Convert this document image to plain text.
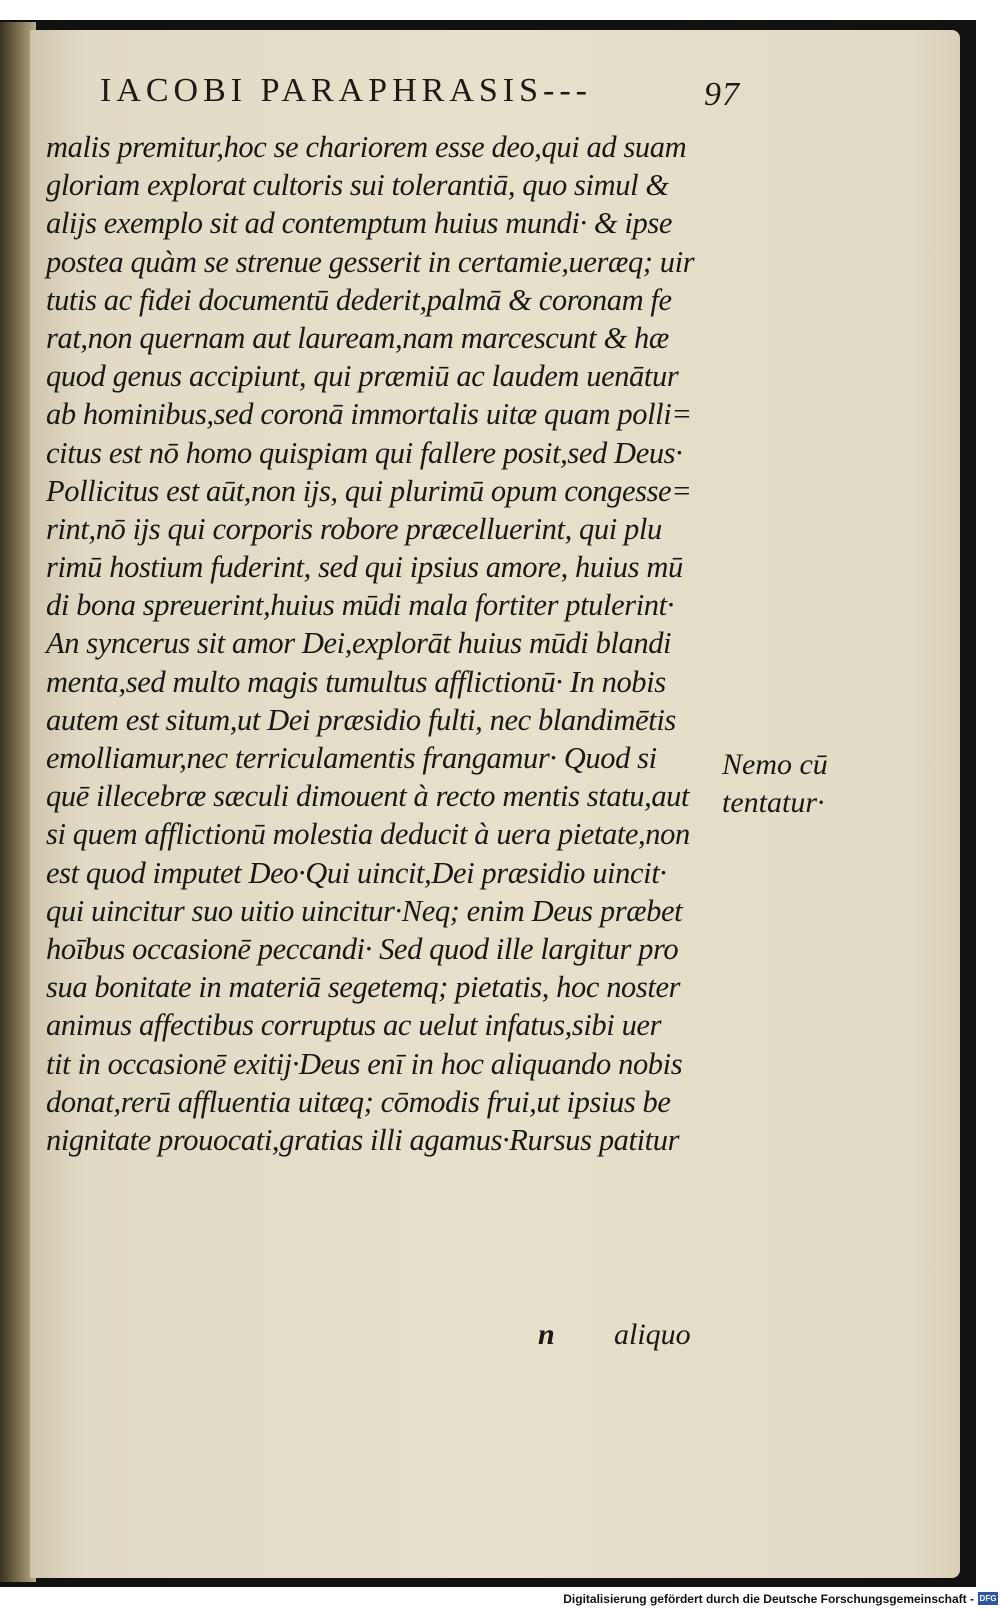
IACOBI PARAPHRASIS---	97
malis premitur,hoc se chariorem esse deo,qui ad suam
gloriam explorat cultoris sui tolerantiā, quo simul &
alijs exemplo sit ad contemptum huius mundi· & ipse
postea quàm se strenue gesserit in certamie,ueræq; uir
tutis ac fidei documentū dederit,palmā & coronam fe
rat,non quernam aut lauream,nam marcescunt & hæ
quod genus accipiunt, qui præmiū ac laudem uenātur
ab hominibus,sed coronā immortalis uitæ quam polli=
citus est nō homo quispiam qui fallere posit,sed Deus·
Pollicitus est aūt,non ijs, qui plurimū opum congesse=
rint,nō ijs qui corporis robore præcelluerint, qui plu
rimū hostium fuderint, sed qui ipsius amore, huius mū
di bona spreuerint,huius mūdi mala fortiter ptulerint·
An syncerus sit amor Dei,explorāt huius mūdi blandi
menta,sed multo magis tumultus afflictionū· In nobis
autem est situm,ut Dei præsidio fulti, nec blandimētis
emolliamur,nec terriculamentis frangamur· Quod si
quē illecebræ sæculi dimouent à recto mentis statu,aut
si quem afflictionū molestia deducit à uera pietate,non
est quod imputet Deo·Qui uincit,Dei præsidio uincit·
qui uincitur suo uitio uincitur·Neq; enim Deus præbet
hoībus occasionē peccandi· Sed quod ille largitur pro
sua bonitate in materiā segetemq; pietatis, hoc noster
animus affectibus corruptus ac uelut infatus,sibi uer
tit in occasionē exitij·Deus enī in hoc aliquando nobis
donat,rerū affluentia uitæq; cōmodis frui,ut ipsius be
nignitate prouocati,gratias illi agamus·Rursus patitur
Nemo cū
tentatur·
n aliquo
Digitalisierung gefördert durch die Deutsche Forschungsgemeinschaft - DFG
